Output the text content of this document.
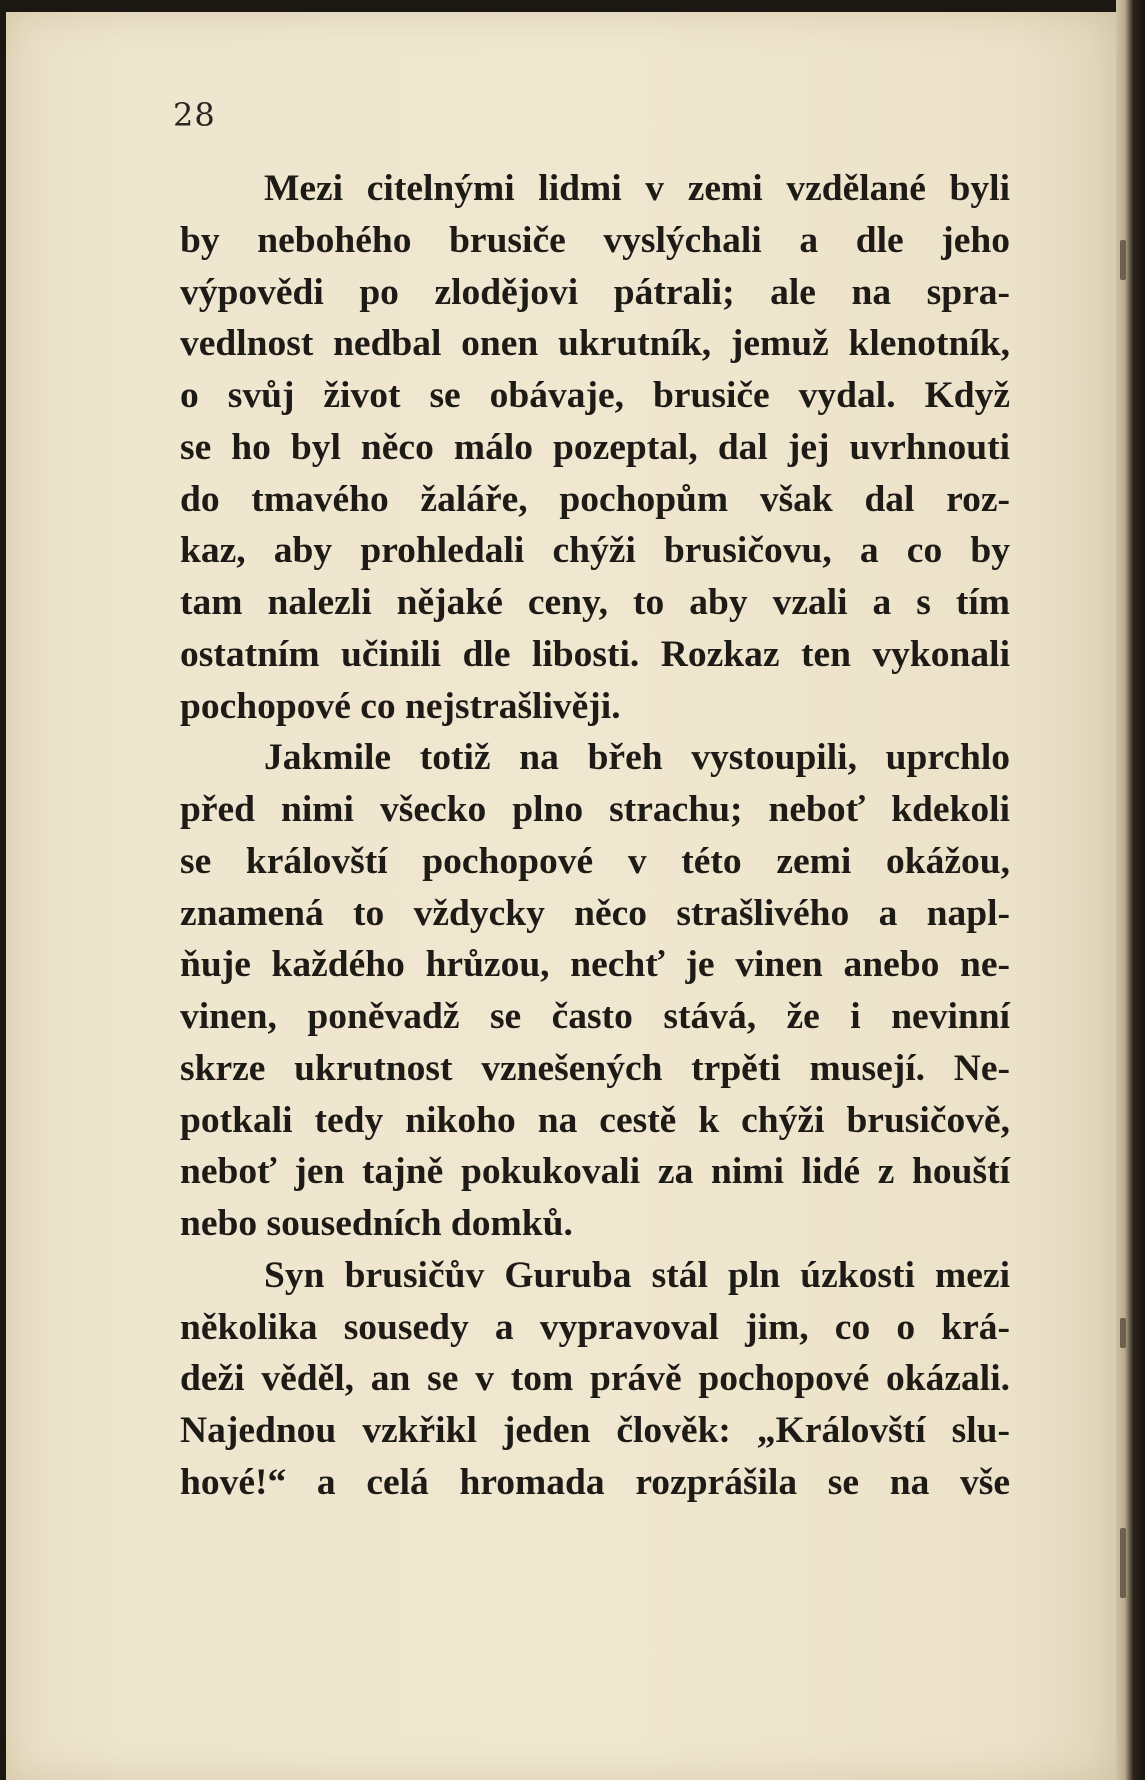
28

Mezi citelnými lidmi v zemi vzdělané byli
by nebohého brusiče vyslýchali a dle jeho
výpovědi po zlodějovi pátrali; ale na spra-
vedlnost nedbal onen ukrutník, jemuž klenotník,
o svůj život se obávaje, brusiče vydal. Když
se ho byl něco málo pozeptal, dal jej uvrhnouti
do tmavého žaláře, pochopům však dal roz-
kaz, aby prohledali chýži brusičovu, a co by
tam nalezli nějaké ceny, to aby vzali a s tím
ostatním učinili dle libosti. Rozkaz ten vykonali
pochopové co nejstrašlivěji.

Jakmile totiž na břeh vystoupili, uprchlo
před nimi všecko plno strachu; neboť kdekoli
se královští pochopové v této zemi okážou,
znamená to vždycky něco strašlivého a napl-
ňuje každého hrůzou, nechť je vinen anebo ne-
vinen, poněvadž se často stává, že i nevinní
skrze ukrutnost vznešených trpěti musejí. Ne-
potkali tedy nikoho na cestě k chýži brusičově,
neboť jen tajně pokukovali za nimi lidé z houští
nebo sousedních domků.

Syn brusičův Guruba stál pln úzkosti mezi
několika sousedy a vypravoval jim, co o krá-
deži věděl, an se v tom právě pochopové okázali.
Najednou vzkřikl jeden člověk: „Královští slu-
hové!“ a celá hromada rozprášila se na vše
